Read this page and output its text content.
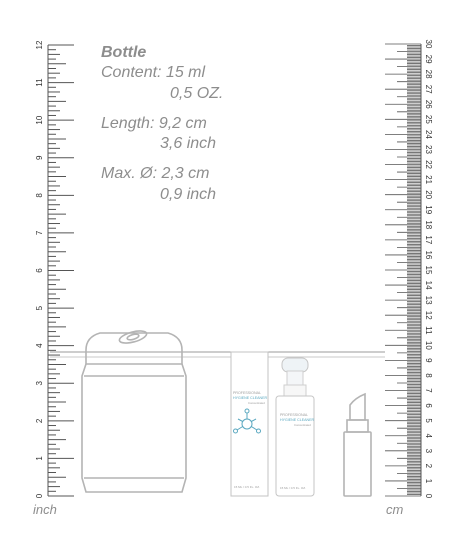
0
1
2
3
4
5
6
7
8
9
10
11
12
0
1
2
3
4
5
6
7
8
9
10
11
12
13
14
15
16
17
18
19
20
21
22
23
24
25
26
27
28
29
30
PROFESSIONAL
HYGIENE CLEANER
Concentrated
15 ML / 0.5 FL. OZ.
PROFESSIONAL
HYGIENE CLEANER
Concentrated
15 ML / 0.5 FL. OZ.
Bottle
Content: 15 ml
0,5 OZ.
Length: 9,2 cm
3,6 inch
Max. Ø: 2,3 cm
0,9 inch
inch	cm
